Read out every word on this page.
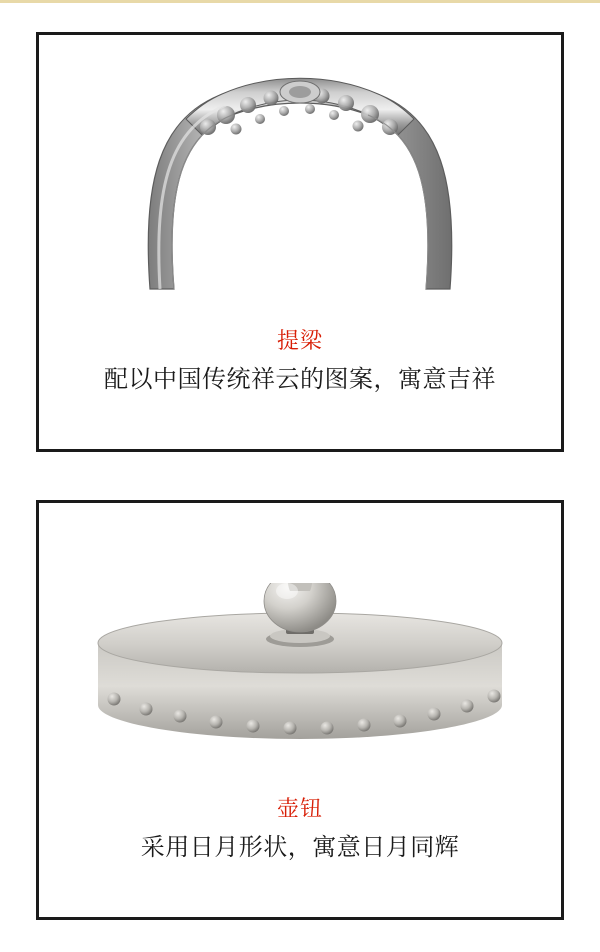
提梁
配以中国传统祥云的图案，寓意吉祥
壶钮
采用日月形状，寓意日月同辉
